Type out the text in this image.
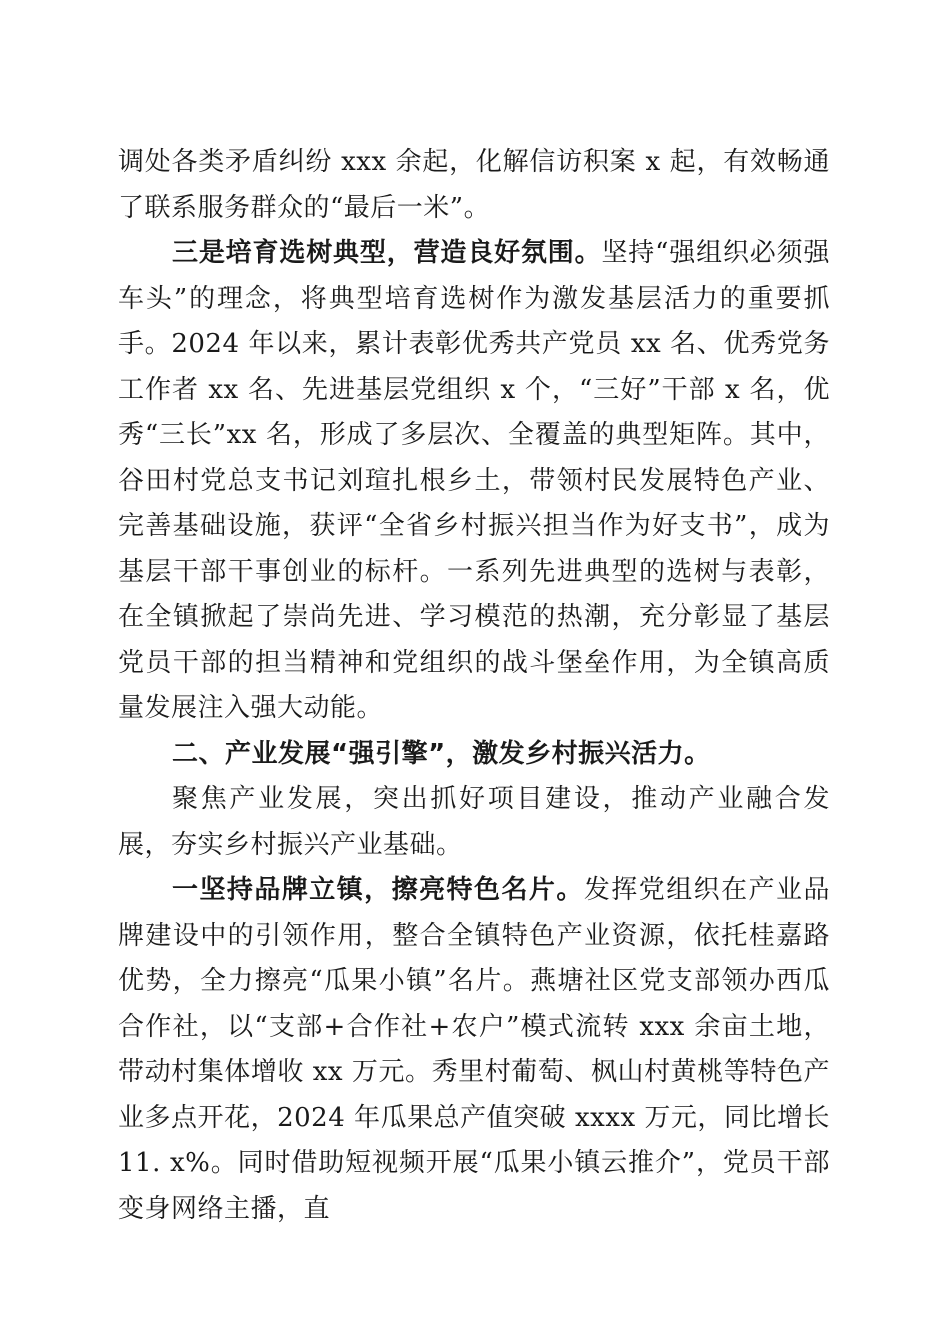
调处各类矛盾纠纷 xxx 余起，化解信访积案 x 起，有效畅通了联系服务群众的“最后一米”。

三是培育选树典型，营造良好氛围。坚持“强组织必须强车头”的理念，将典型培育选树作为激发基层活力的重要抓手。2024 年以来，累计表彰优秀共产党员 xx 名、优秀党务工作者 xx 名、先进基层党组织 x 个，“三好”干部 x 名，优秀“三长”xx 名，形成了多层次、全覆盖的典型矩阵。其中，谷田村党总支书记刘瑄扎根乡土，带领村民发展特色产业、完善基础设施，获评“全省乡村振兴担当作为好支书”，成为基层干部干事创业的标杆。一系列先进典型的选树与表彰，在全镇掀起了崇尚先进、学习模范的热潮，充分彰显了基层党员干部的担当精神和党组织的战斗堡垒作用，为全镇高质量发展注入强大动能。

二、产业发展“强引擎”，激发乡村振兴活力。

聚焦产业发展，突出抓好项目建设，推动产业融合发展，夯实乡村振兴产业基础。

一坚持品牌立镇，擦亮特色名片。发挥党组织在产业品牌建设中的引领作用，整合全镇特色产业资源，依托桂嘉路优势，全力擦亮“瓜果小镇”名片。燕塘社区党支部领办西瓜合作社，以“支部+合作社+农户”模式流转 xxx 余亩土地，带动村集体增收 xx 万元。秀里村葡萄、枫山村黄桃等特色产业多点开花，2024 年瓜果总产值突破 xxxx 万元，同比增长 11. x%。同时借助短视频开展“瓜果小镇云推介”，党员干部变身网络主播，直
